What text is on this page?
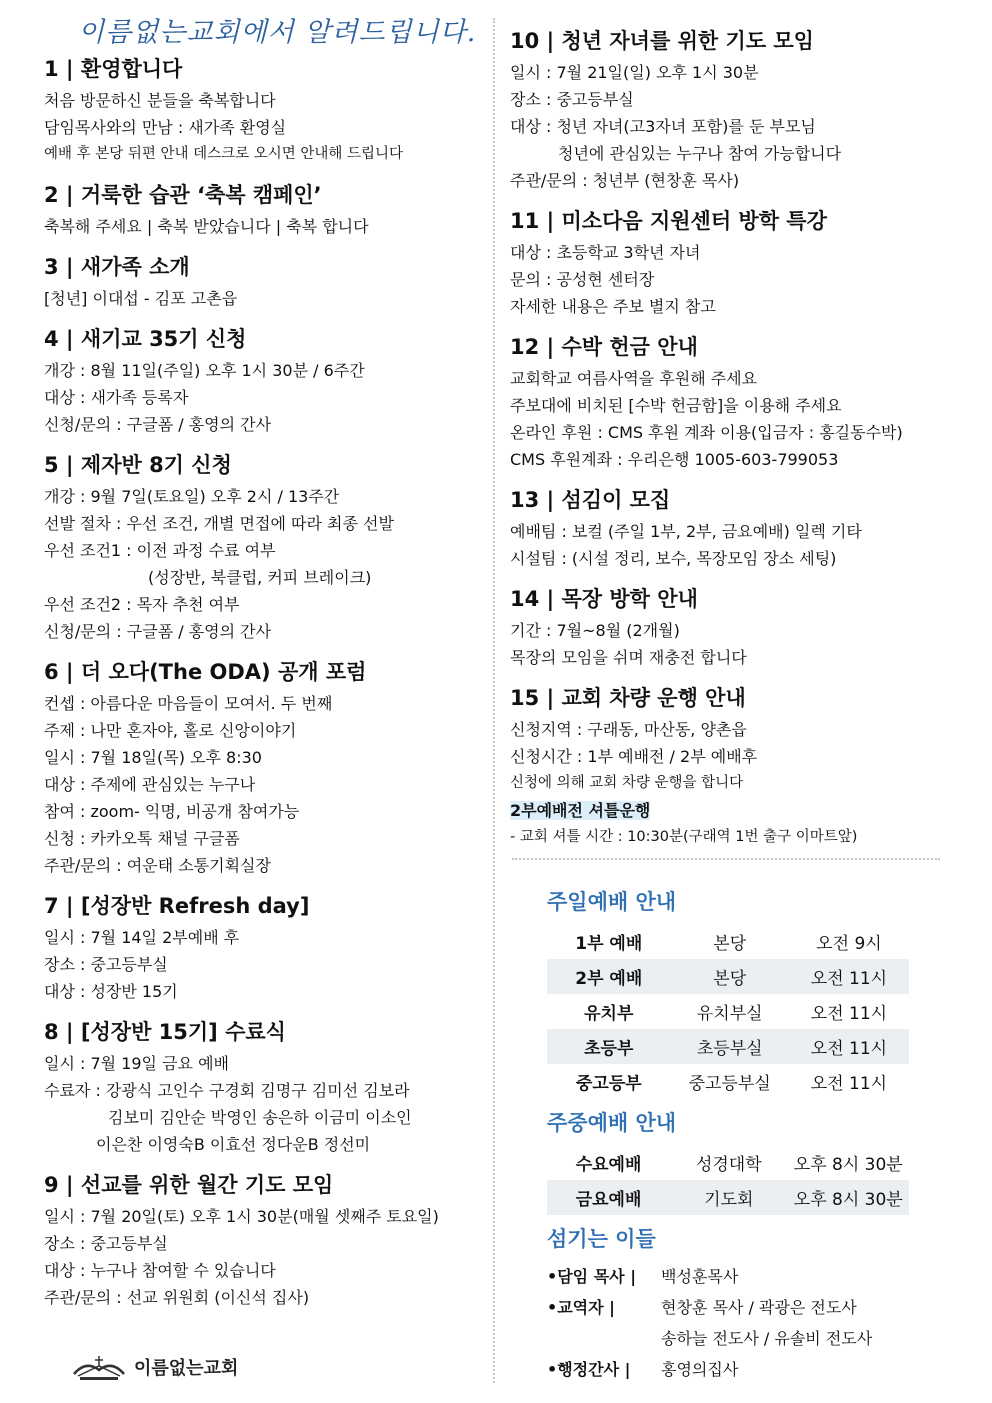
이름없는교회에서 알려드립니다.
1 | 환영합니다
처음 방문하신 분들을 축복합니다
담임목사와의 만남 : 새가족 환영실
예배 후 본당 뒤편 안내 데스크로 오시면 안내해 드립니다
2 | 거룩한 습관 ‘축복 캠페인’
축복해 주세요 | 축복 받았습니다 | 축복 합니다
3 | 새가족 소개
[청년] 이대섭 - 김포 고촌읍
4 | 새기교 35기 신청
개강 : 8월 11일(주일) 오후 1시 30분 / 6주간
대상 : 새가족 등록자
신청/문의 : 구글폼 / 홍영의 간사
5 | 제자반 8기 신청
개강 : 9월 7일(토요일) 오후 2시 / 13주간
선발 절차 : 우선 조건, 개별 면접에 따라 최종 선발
우선 조건1 : 이전 과정 수료 여부
(성장반, 북클럽, 커피 브레이크)
우선 조건2 : 목자 추천 여부
신청/문의 : 구글폼 / 홍영의 간사
6 | 더 오다(The ODA) 공개 포럼
컨셉 : 아름다운 마음들이 모여서. 두 번째
주제 : 나만 혼자야, 홀로 신앙이야기
일시 : 7월 18일(목) 오후 8:30
대상 : 주제에 관심있는 누구나
참여 : zoom- 익명, 비공개 참여가능
신청 : 카카오톡 채널 구글폼
주관/문의 : 여운태 소통기획실장
7 | [성장반 Refresh day]
일시 : 7월 14일 2부예배 후
장소 : 중고등부실
대상 : 성장반 15기
8 | [성장반 15기] 수료식
일시 : 7월 19일 금요 예배
수료자 : 강광식 고인수 구경회 김명구 김미선 김보라
김보미 김안순 박영인 송은하 이금미 이소인
이은찬 이영숙B 이효선 정다운B 정선미
9 | 선교를 위한 월간 기도 모임
일시 : 7월 20일(토) 오후 1시 30분(매월 셋째주 토요일)
장소 : 중고등부실
대상 : 누구나 참여할 수 있습니다
주관/문의 : 선교 위원회 (이신석 집사)
10 | 청년 자녀를 위한 기도 모임
일시 : 7월 21일(일) 오후 1시 30분
장소 : 중고등부실
대상 : 청년 자녀(고3자녀 포함)를 둔 부모님
청년에 관심있는 누구나 참여 가능합니다
주관/문의 : 청년부 (현창훈 목사)
11 | 미소다음 지원센터 방학 특강
대상 : 초등학교 3학년 자녀
문의 : 공성현 센터장
자세한 내용은 주보 별지 참고
12 | 수박 헌금 안내
교회학교 여름사역을 후원해 주세요
주보대에 비치된 [수박 헌금함]을 이용해 주세요
온라인 후원 : CMS 후원 계좌 이용(입금자 : 홍길동수박)
CMS 후원계좌 : 우리은행 1005-603-799053
13 | 섬김이 모집
예배팀 : 보컬 (주일 1부, 2부, 금요예배) 일렉 기타
시설팀 : (시설 정리, 보수, 목장모임 장소 세팅)
14 | 목장 방학 안내
기간 : 7월~8월 (2개월)
목장의 모임을 쉬며 재충전 합니다
15 | 교회 차량 운행 안내
신청지역 : 구래동, 마산동, 양촌읍
신청시간 : 1부 예배전 / 2부 예배후
신청에 의해 교회 차량 운행을 합니다
2부예배전 셔틀운행
- 교회 셔틀 시간 : 10:30분(구래역 1번 출구 이마트앞)
주일예배 안내
1부 예배	본당	오전 9시
2부 예배	본당	오전 11시
유치부	유치부실	오전 11시
초등부	초등부실	오전 11시
중고등부	중고등부실	오전 11시
주중예배 안내
수요예배	성경대학	오후 8시 30분
금요예배	기도회	오후 8시 30분
섬기는 이들
•담임 목사 |	백성훈목사
•교역자 |	현창훈 목사 / 곽광은 전도사
송하늘 전도사 / 유솔비 전도사
•행정간사 |	홍영의집사
이름없는교회
